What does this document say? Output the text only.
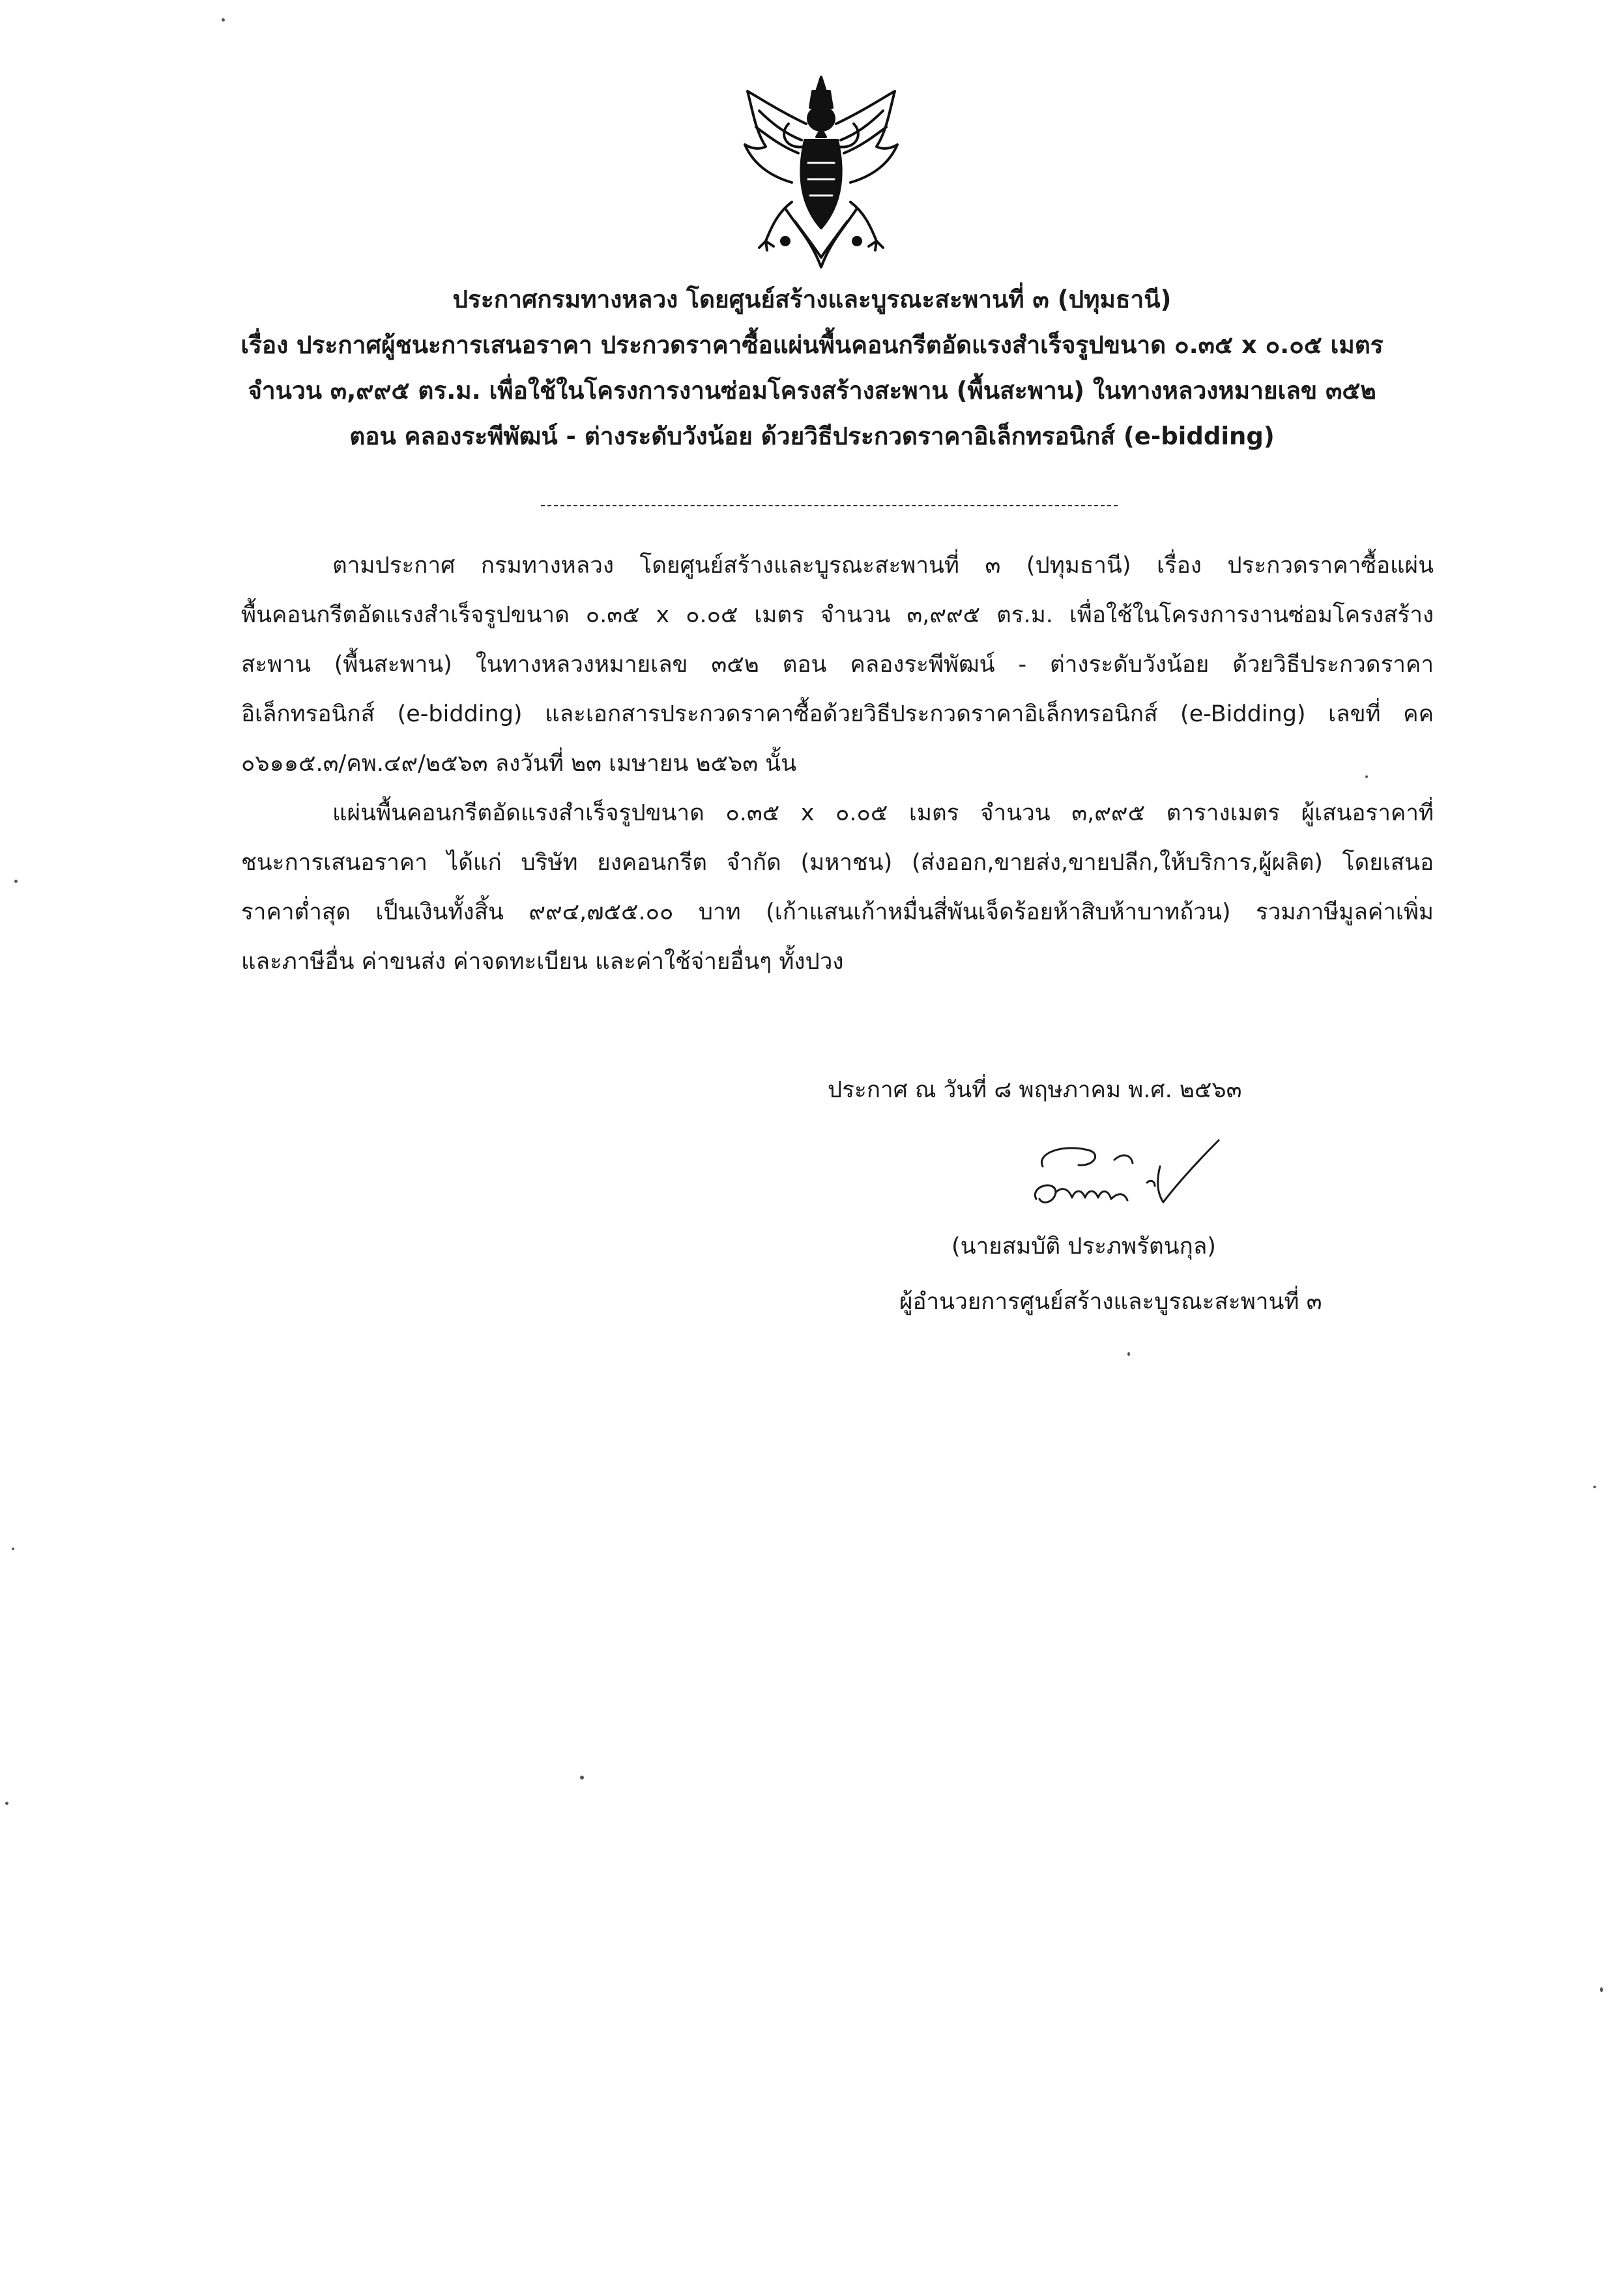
ประกาศกรมทางหลวง โดยศูนย์สร้างและบูรณะสะพานที่ ๓ (ปทุมธานี)
เรื่อง ประกาศผู้ชนะการเสนอราคา ประกวดราคาซื้อแผ่นพื้นคอนกรีตอัดแรงสำเร็จรูปขนาด ๐.๓๕ x ๐.๐๕ เมตร
จำนวน ๓,๙๙๕ ตร.ม. เพื่อใช้ในโครงการงานซ่อมโครงสร้างสะพาน (พื้นสะพาน) ในทางหลวงหมายเลข ๓๕๒
ตอน คลองระพีพัฒน์ - ต่างระดับวังน้อย ด้วยวิธีประกวดราคาอิเล็กทรอนิกส์ (e-bidding)
ตามประกาศ กรมทางหลวง โดยศูนย์สร้างและบูรณะสะพานที่ ๓ (ปทุมธานี) เรื่อง ประกวดราคาซื้อแผ่น
พื้นคอนกรีตอัดแรงสำเร็จรูปขนาด ๐.๓๕ x ๐.๐๕ เมตร จำนวน ๓,๙๙๕ ตร.ม. เพื่อใช้ในโครงการงานซ่อมโครงสร้าง
สะพาน (พื้นสะพาน) ในทางหลวงหมายเลข ๓๕๒ ตอน คลองระพีพัฒน์ - ต่างระดับวังน้อย ด้วยวิธีประกวดราคา
อิเล็กทรอนิกส์ (e-bidding) และเอกสารประกวดราคาซื้อด้วยวิธีประกวดราคาอิเล็กทรอนิกส์ (e-Bidding) เลขที่ คค
๐๖๑๑๕.๓/คพ.๔๙/๒๕๖๓ ลงวันที่ ๒๓ เมษายน ๒๕๖๓ นั้น
แผ่นพื้นคอนกรีตอัดแรงสำเร็จรูปขนาด ๐.๓๕ x ๐.๐๕ เมตร จำนวน ๓,๙๙๕ ตารางเมตร ผู้เสนอราคาที่
ชนะการเสนอราคา ได้แก่ บริษัท ยงคอนกรีต จำกัด (มหาชน) (ส่งออก,ขายส่ง,ขายปลีก,ให้บริการ,ผู้ผลิต) โดยเสนอ
ราคาต่ำสุด เป็นเงินทั้งสิ้น ๙๙๔,๗๕๕.๐๐ บาท (เก้าแสนเก้าหมื่นสี่พันเจ็ดร้อยห้าสิบห้าบาทถ้วน) รวมภาษีมูลค่าเพิ่ม
และภาษีอื่น ค่าขนส่ง ค่าจดทะเบียน และค่าใช้จ่ายอื่นๆ ทั้งปวง
ประกาศ ณ วันที่ ๘ พฤษภาคม พ.ศ. ๒๕๖๓
(นายสมบัติ ประภพรัตนกุล)
ผู้อำนวยการศูนย์สร้างและบูรณะสะพานที่ ๓
